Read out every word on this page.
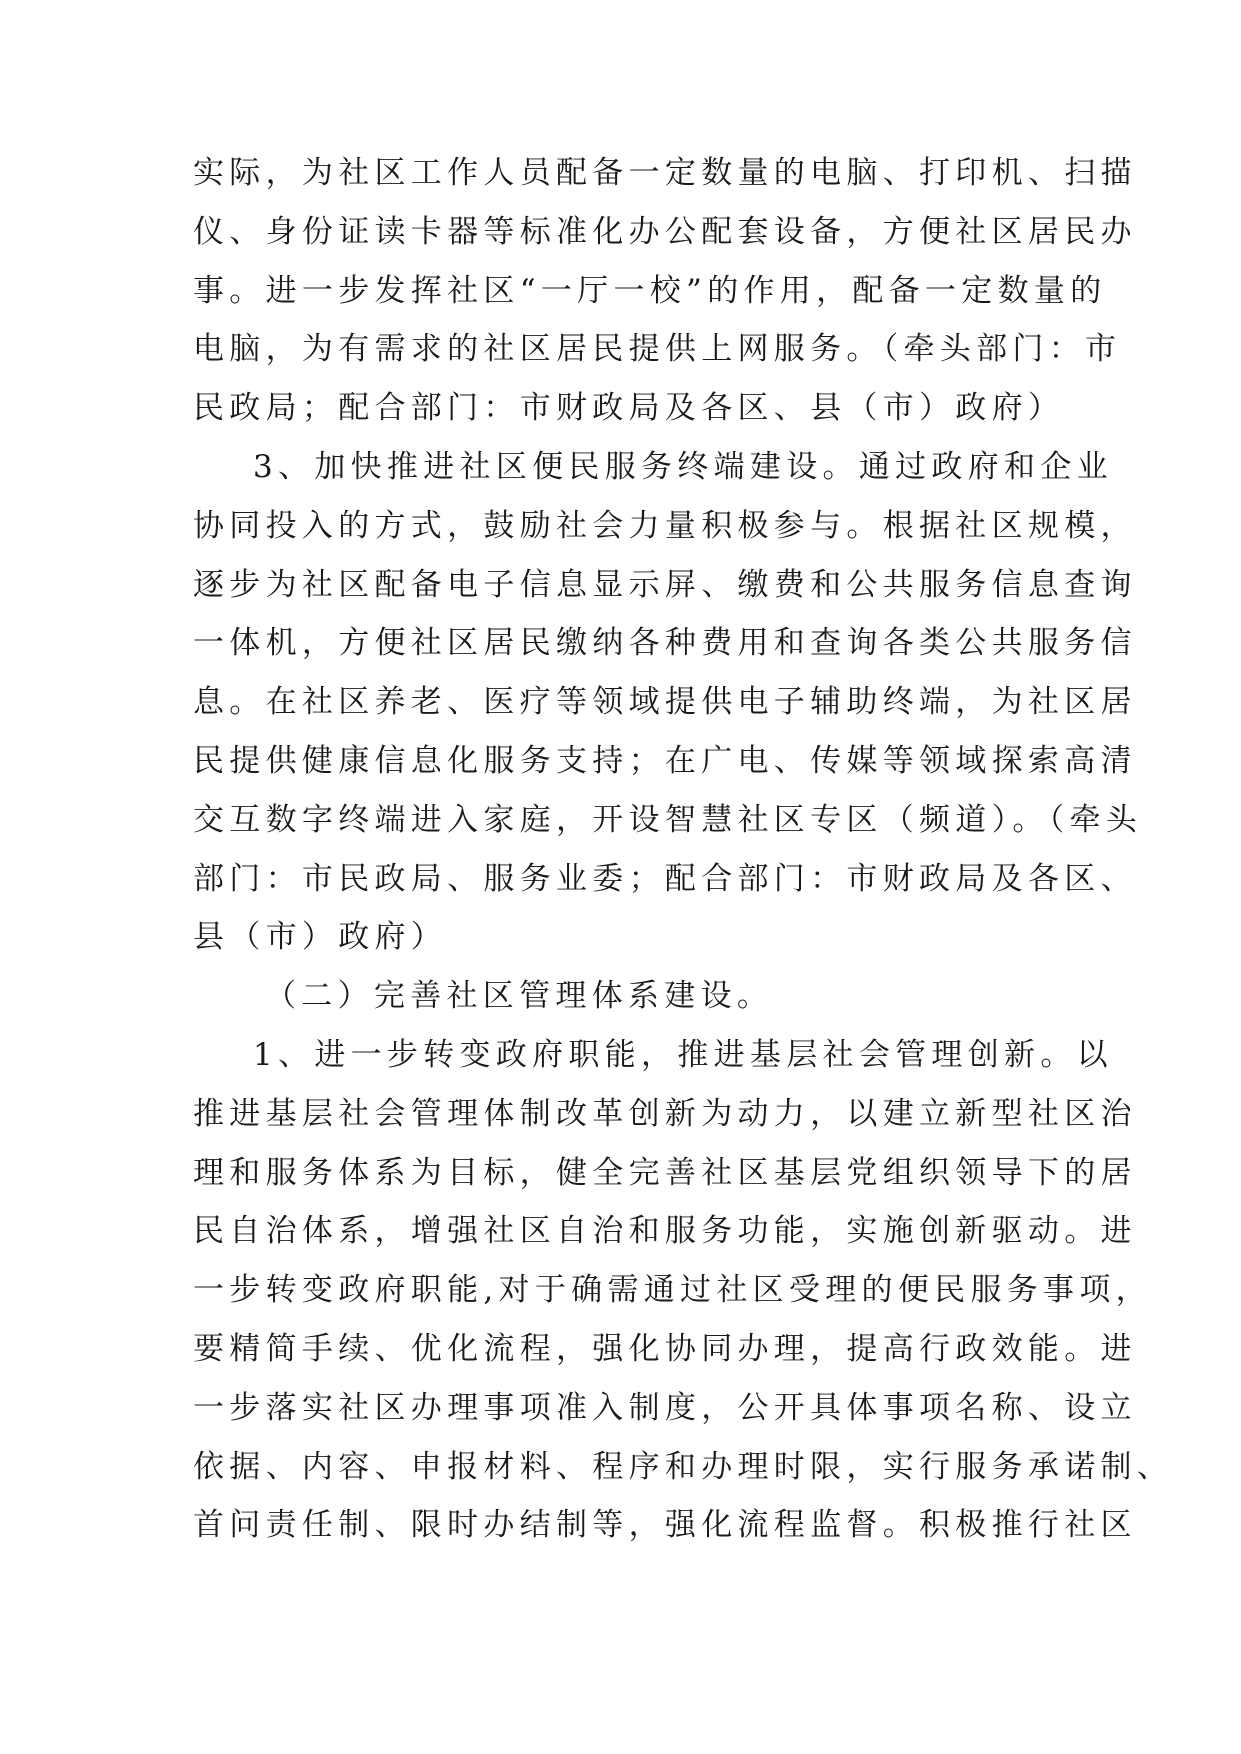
实际，为社区工作人员配备一定数量的电脑、打印机、扫描
仪、身份证读卡器等标准化办公配套设备，方便社区居民办
事。进一步发挥社区“一厅一校”的作用，配备一定数量的
电脑，为有需求的社区居民提供上网服务。（牵头部门：市
民政局；配合部门：市财政局及各区、县（市）政府）
3、加快推进社区便民服务终端建设。通过政府和企业
协同投入的方式，鼓励社会力量积极参与。根据社区规模，
逐步为社区配备电子信息显示屏、缴费和公共服务信息查询
一体机，方便社区居民缴纳各种费用和查询各类公共服务信
息。在社区养老、医疗等领域提供电子辅助终端，为社区居
民提供健康信息化服务支持；在广电、传媒等领域探索高清
交互数字终端进入家庭，开设智慧社区专区（频道）。（牵头
部门：市民政局、服务业委；配合部门：市财政局及各区、
县（市）政府）
（二）完善社区管理体系建设。
1、进一步转变政府职能，推进基层社会管理创新。以
推进基层社会管理体制改革创新为动力，以建立新型社区治
理和服务体系为目标，健全完善社区基层党组织领导下的居
民自治体系，增强社区自治和服务功能，实施创新驱动。进
一步转变政府职能,对于确需通过社区受理的便民服务事项，
要精简手续、优化流程，强化协同办理，提高行政效能。进
一步落实社区办理事项准入制度，公开具体事项名称、设立
依据、内容、申报材料、程序和办理时限，实行服务承诺制、
首问责任制、限时办结制等，强化流程监督。积极推行社区
